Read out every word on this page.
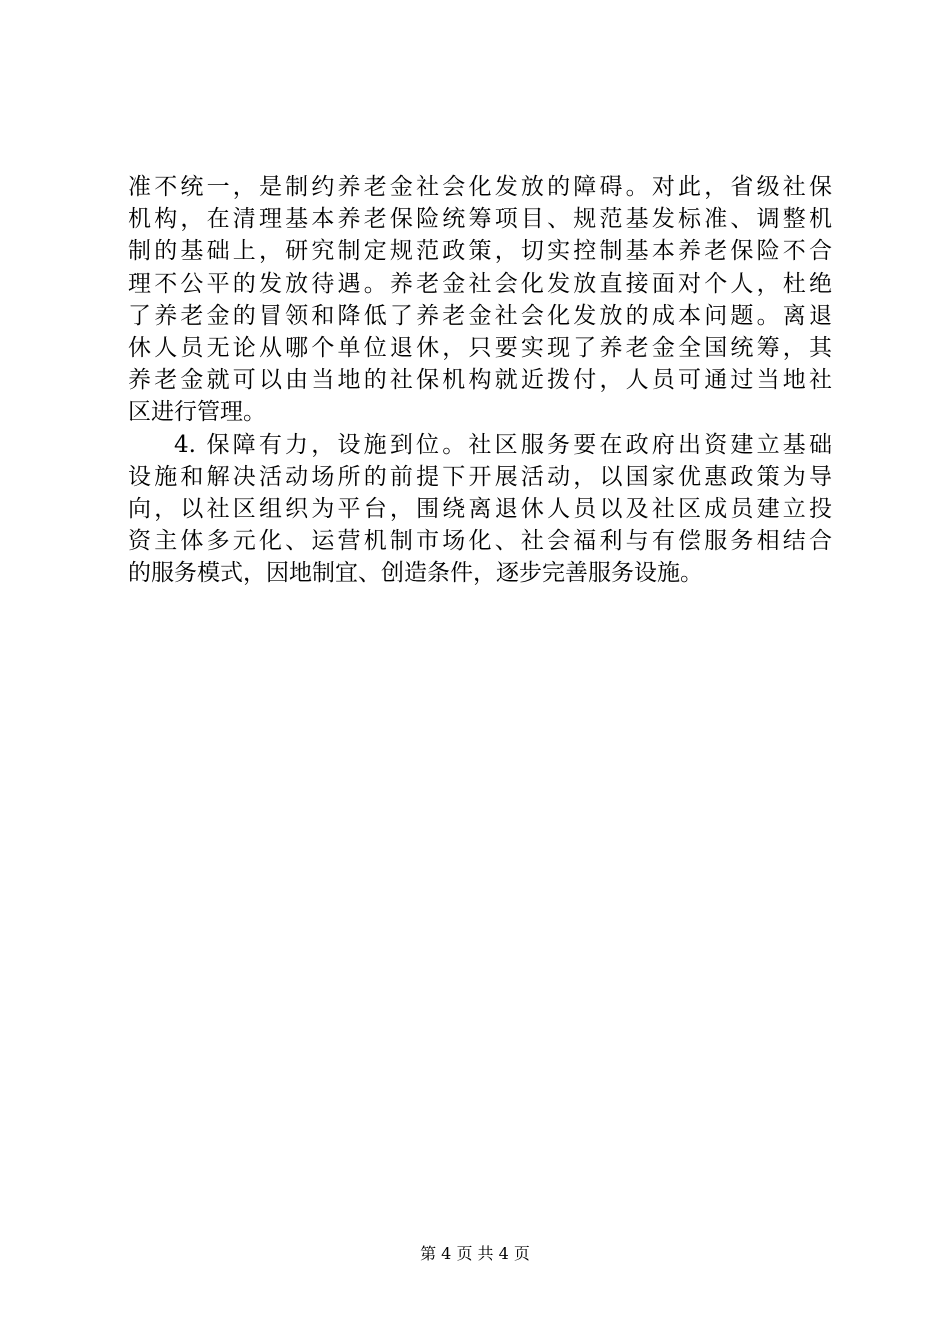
准不统一，是制约养老金社会化发放的障碍。对此，省级社保
机构，在清理基本养老保险统筹项目、规范基发标准、调整机
制的基础上，研究制定规范政策，切实控制基本养老保险不合
理不公平的发放待遇。养老金社会化发放直接面对个人，杜绝
了养老金的冒领和降低了养老金社会化发放的成本问题。离退
休人员无论从哪个单位退休，只要实现了养老金全国统筹，其
养老金就可以由当地的社保机构就近拨付，人员可通过当地社
区进行管理。
4. 保障有力，设施到位。社区服务要在政府出资建立基础
设施和解决活动场所的前提下开展活动，以国家优惠政策为导
向，以社区组织为平台，围绕离退休人员以及社区成员建立投
资主体多元化、运营机制市场化、社会福利与有偿服务相结合
的服务模式，因地制宜、创造条件，逐步完善服务设施。
第 4 页 共 4 页
